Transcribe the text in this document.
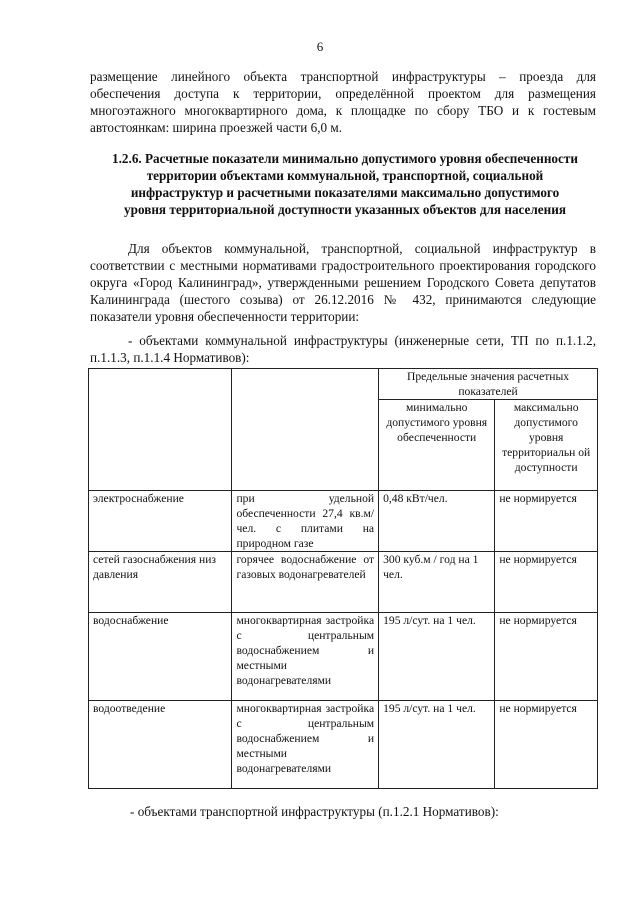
6

размещение линейного объекта транспортной инфраструктуры – проезда для обеспечения доступа к территории, определённой проектом для размещения многоэтажного многоквартирного дома, к площадке по сбору ТБО и к гостевым автостоянкам: ширина проезжей части 6,0 м.

1.2.6. Расчетные показатели минимально допустимого уровня обеспеченности территории объектами коммунальной, транспортной, социальной инфраструктур и расчетными показателями максимально допустимого уровня территориальной доступности указанных объектов для населения

Для объектов коммунальной, транспортной, социальной инфраструктур в соответствии с местными нормативами градостроительного проектирования городского округа «Город Калининград», утвержденными решением Городского Совета депутатов Калининграда (шестого созыва) от 26.12.2016 № 432, принимаются следующие показатели уровня обеспеченности территории:

- объектами коммунальной инфраструктуры (инженерные сети, ТП по п.1.1.2, п.1.1.3, п.1.1.4 Нормативов):

		Предельные значения расчетных показателей	
		минимально допустимого уровня обеспеченности	максимально допустимого уровня территориальн ой доступности
электроснабжение	при удельной обеспеченности 27,4 кв.м/чел. с плитами на природном газе	0,48 кВт/чел.	не нормируется
сетей газоснабжения низ давления	горячее водоснабжение от газовых водонагревателей	300 куб.м / год на 1 чел.	не нормируется
водоснабжение	многоквартирная застройка с центральным водоснабжением и местными водонагревателями	195 л/сут. на 1 чел.	не нормируется
водоотведение	многоквартирная застройка с центральным водоснабжением и местными водонагревателями	195 л/сут. на 1 чел.	не нормируется

- объектами транспортной инфраструктуры (п.1.2.1 Нормативов):
